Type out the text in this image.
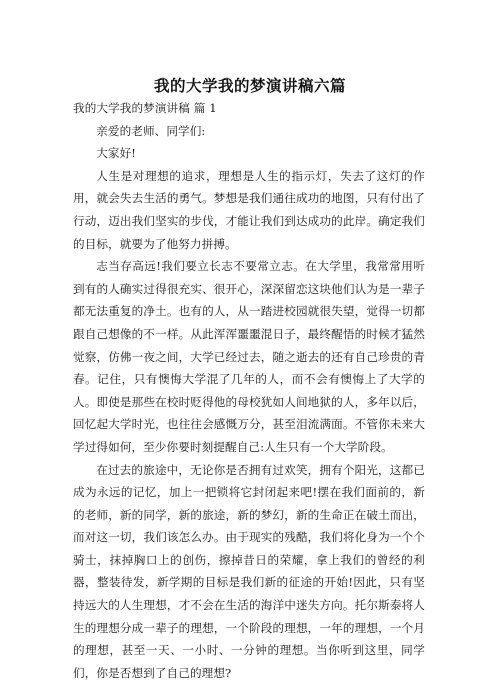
我的大学我的梦演讲稿六篇

我的大学我的梦演讲稿 篇 1

亲爱的老师、同学们:

大家好!

人生是对理想的追求，理想是人生的指示灯，失去了这灯的作用，就会失去生活的勇气。梦想是我们通往成功的地图，只有付出了行动，迈出我们坚实的步伐，才能让我们到达成功的此岸。确定我们的目标，就要为了他努力拼搏。

志当存高远!我们要立长志不要常立志。在大学里，我常常用听到有的人确实过得很充实、很开心，深深留恋这块他们认为是一辈子都无法重复的净土。也有的人，从一踏进校园就很失望，觉得一切都跟自己想像的不一样。从此浑浑噩噩混日子，最终醒悟的时候才猛然觉察，仿佛一夜之间，大学已经过去，随之逝去的还有自己珍贵的青春。记住，只有懊悔大学混了几年的人，而不会有懊悔上了大学的人。即使是那些在校时贬得他的母校犹如人间地狱的人，多年以后，回忆起大学时光，也往往会感慨万分，甚至泪流满面。不管你未来大学过得如何，至少你要时刻提醒自己:人生只有一个大学阶段。

在过去的旅途中，无论你是否拥有过欢笑，拥有个阳光，这都已成为永远的记忆，加上一把锁将它封闭起来吧!摆在我们面前的，新的老师，新的同学，新的旅途，新的梦幻，新的生命正在破土而出，而对这一切，我们该怎么办。由于现实的残酷，我们将化身为一个个骑士，抹掉胸口上的创伤，擦掉昔日的荣耀，拿上我们的曾经的利器，整装待发，新学期的目标是我们新的征途的开始!因此，只有坚持远大的人生理想，才不会在生活的海洋中迷失方向。托尔斯泰将人生的理想分成一辈子的理想，一个阶段的理想，一年的理想，一个月的理想，甚至一天、一小时、一分钟的理想。当你听到这里，同学们，你是否想到了自己的理想?
